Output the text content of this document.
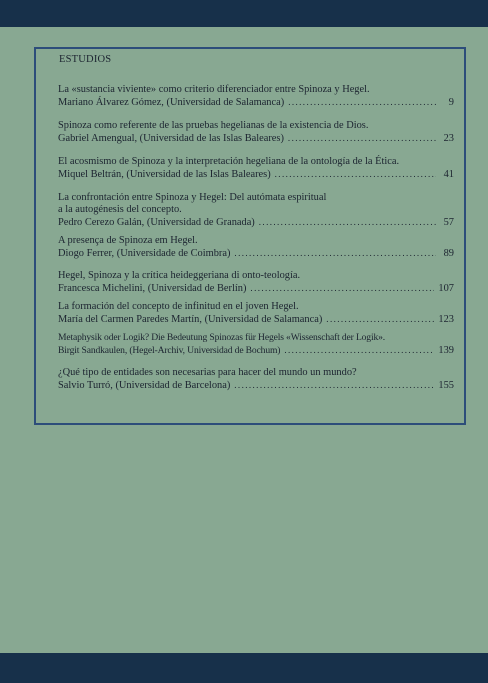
ESTUDIOS
La «sustancia viviente» como criterio diferenciador entre Spinoza y Hegel.
Mariano Álvarez Gómez, (Universidad de Salamanca) .....	9
Spinoza como referente de las pruebas hegelianas de la existencia de Dios.
Gabriel Amengual, (Universidad de las Islas Baleares) .....	23
El acosmismo de Spinoza y la interpretación hegeliana de la ontología de la Ética.
Miquel Beltrán, (Universidad de las Islas Baleares) .....	41
La confrontación entre Spinoza y Hegel: Del autómata espiritual
a la autogénesis del concepto.
Pedro Cerezo Galán, (Universidad de Granada) .....	57
A presença de Spinoza em Hegel.
Diogo Ferrer, (Universidade de Coimbra) .....	89
Hegel, Spinoza y la crítica heideggeriana di onto-teología.
Francesca Michelini, (Universidad de Berlín) .....	107
La formación del concepto de infinitud en el joven Hegel.
María del Carmen Paredes Martín, (Universidad de Salamanca) .....	123
Metaphysik oder Logik? Die Bedeutung Spinozas für Hegels «Wissenschaft der Logik».
Birgit Sandkaulen, (Hegel-Archiv, Universidad de Bochum) .....	139
¿Qué tipo de entidades son necesarias para hacer del mundo un mundo?
Salvio Turró, (Universidad de Barcelona) .....	155
